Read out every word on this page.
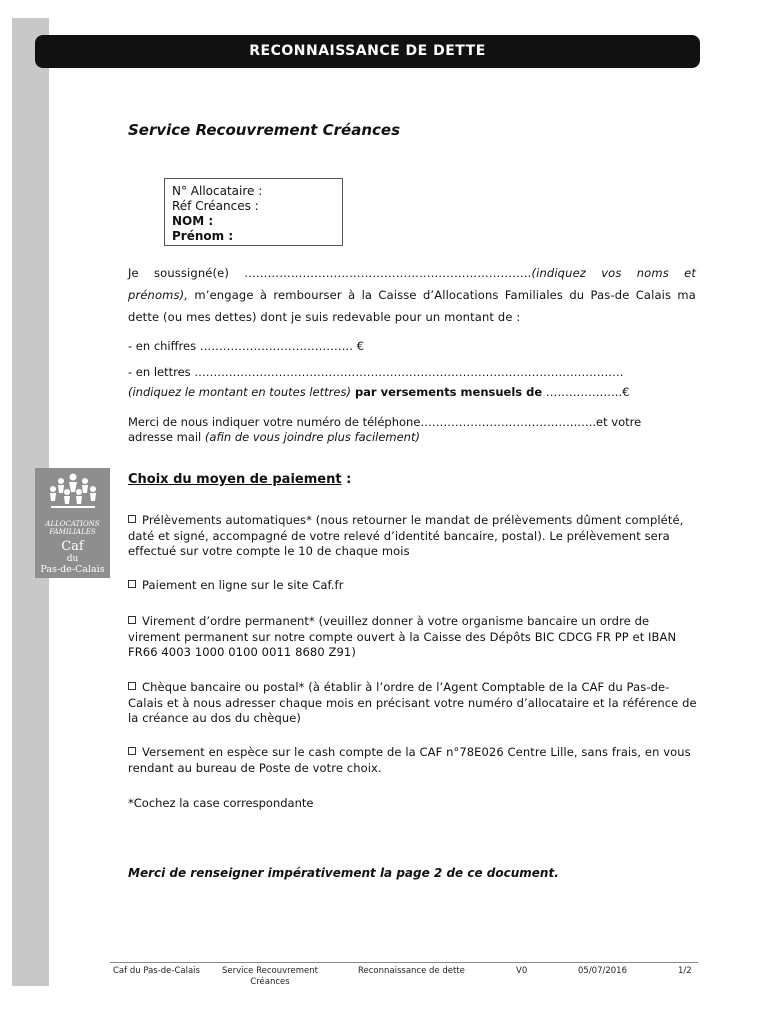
RECONNAISSANCE DE DETTE
Service Recouvrement Créances
N° Allocataire :
Réf Créances :
NOM :
Prénom :
Je soussigné(e) ………………………………………………………………..(indiquez vos noms et prénoms), m’engage à rembourser à la Caisse d’Allocations Familiales du Pas-de Calais ma dette (ou mes dettes) dont je suis redevable pour un montant de :
- en chiffres …………………………………. €
- en lettres ………………………………………………………………………………………………….
(indiquez le montant en toutes lettres) par versements mensuels de ………………..€
Merci de nous indiquer votre numéro de téléphone…………………………………..…..et votre
adresse mail (afin de vous joindre plus facilement)
ALLOCATIONS
FAMILIALES
Caf
du
Pas-de-Calais
Choix du moyen de paiement :
Prélèvements automatiques* (nous retourner le mandat de prélèvements dûment complété, daté et signé, accompagné de votre relevé d’identité bancaire, postal). Le prélèvement sera effectué sur votre compte le 10 de chaque mois
Paiement en ligne sur le site Caf.fr
Virement d’ordre permanent* (veuillez donner à votre organisme bancaire un ordre de virement permanent sur notre compte ouvert à la Caisse des Dépôts BIC CDCG FR PP et IBAN FR66 4003 1000 0100 0011 8680 Z91)
Chèque bancaire ou postal* (à établir à l’ordre de l’Agent Comptable de la CAF du Pas-de-Calais et à nous adresser chaque mois en précisant votre numéro d’allocataire et la référence de la créance au dos du chèque)
Versement en espèce sur le cash compte de la CAF n°78E026 Centre Lille, sans frais, en vous rendant au bureau de Poste de votre choix.
*Cochez la case correspondante
Merci de renseigner impérativement la page 2 de ce document.
Caf du Pas-de-Calais	Service Recouvrement
Créances
Reconnaissance de dette	V0	05/07/2016	1/2
